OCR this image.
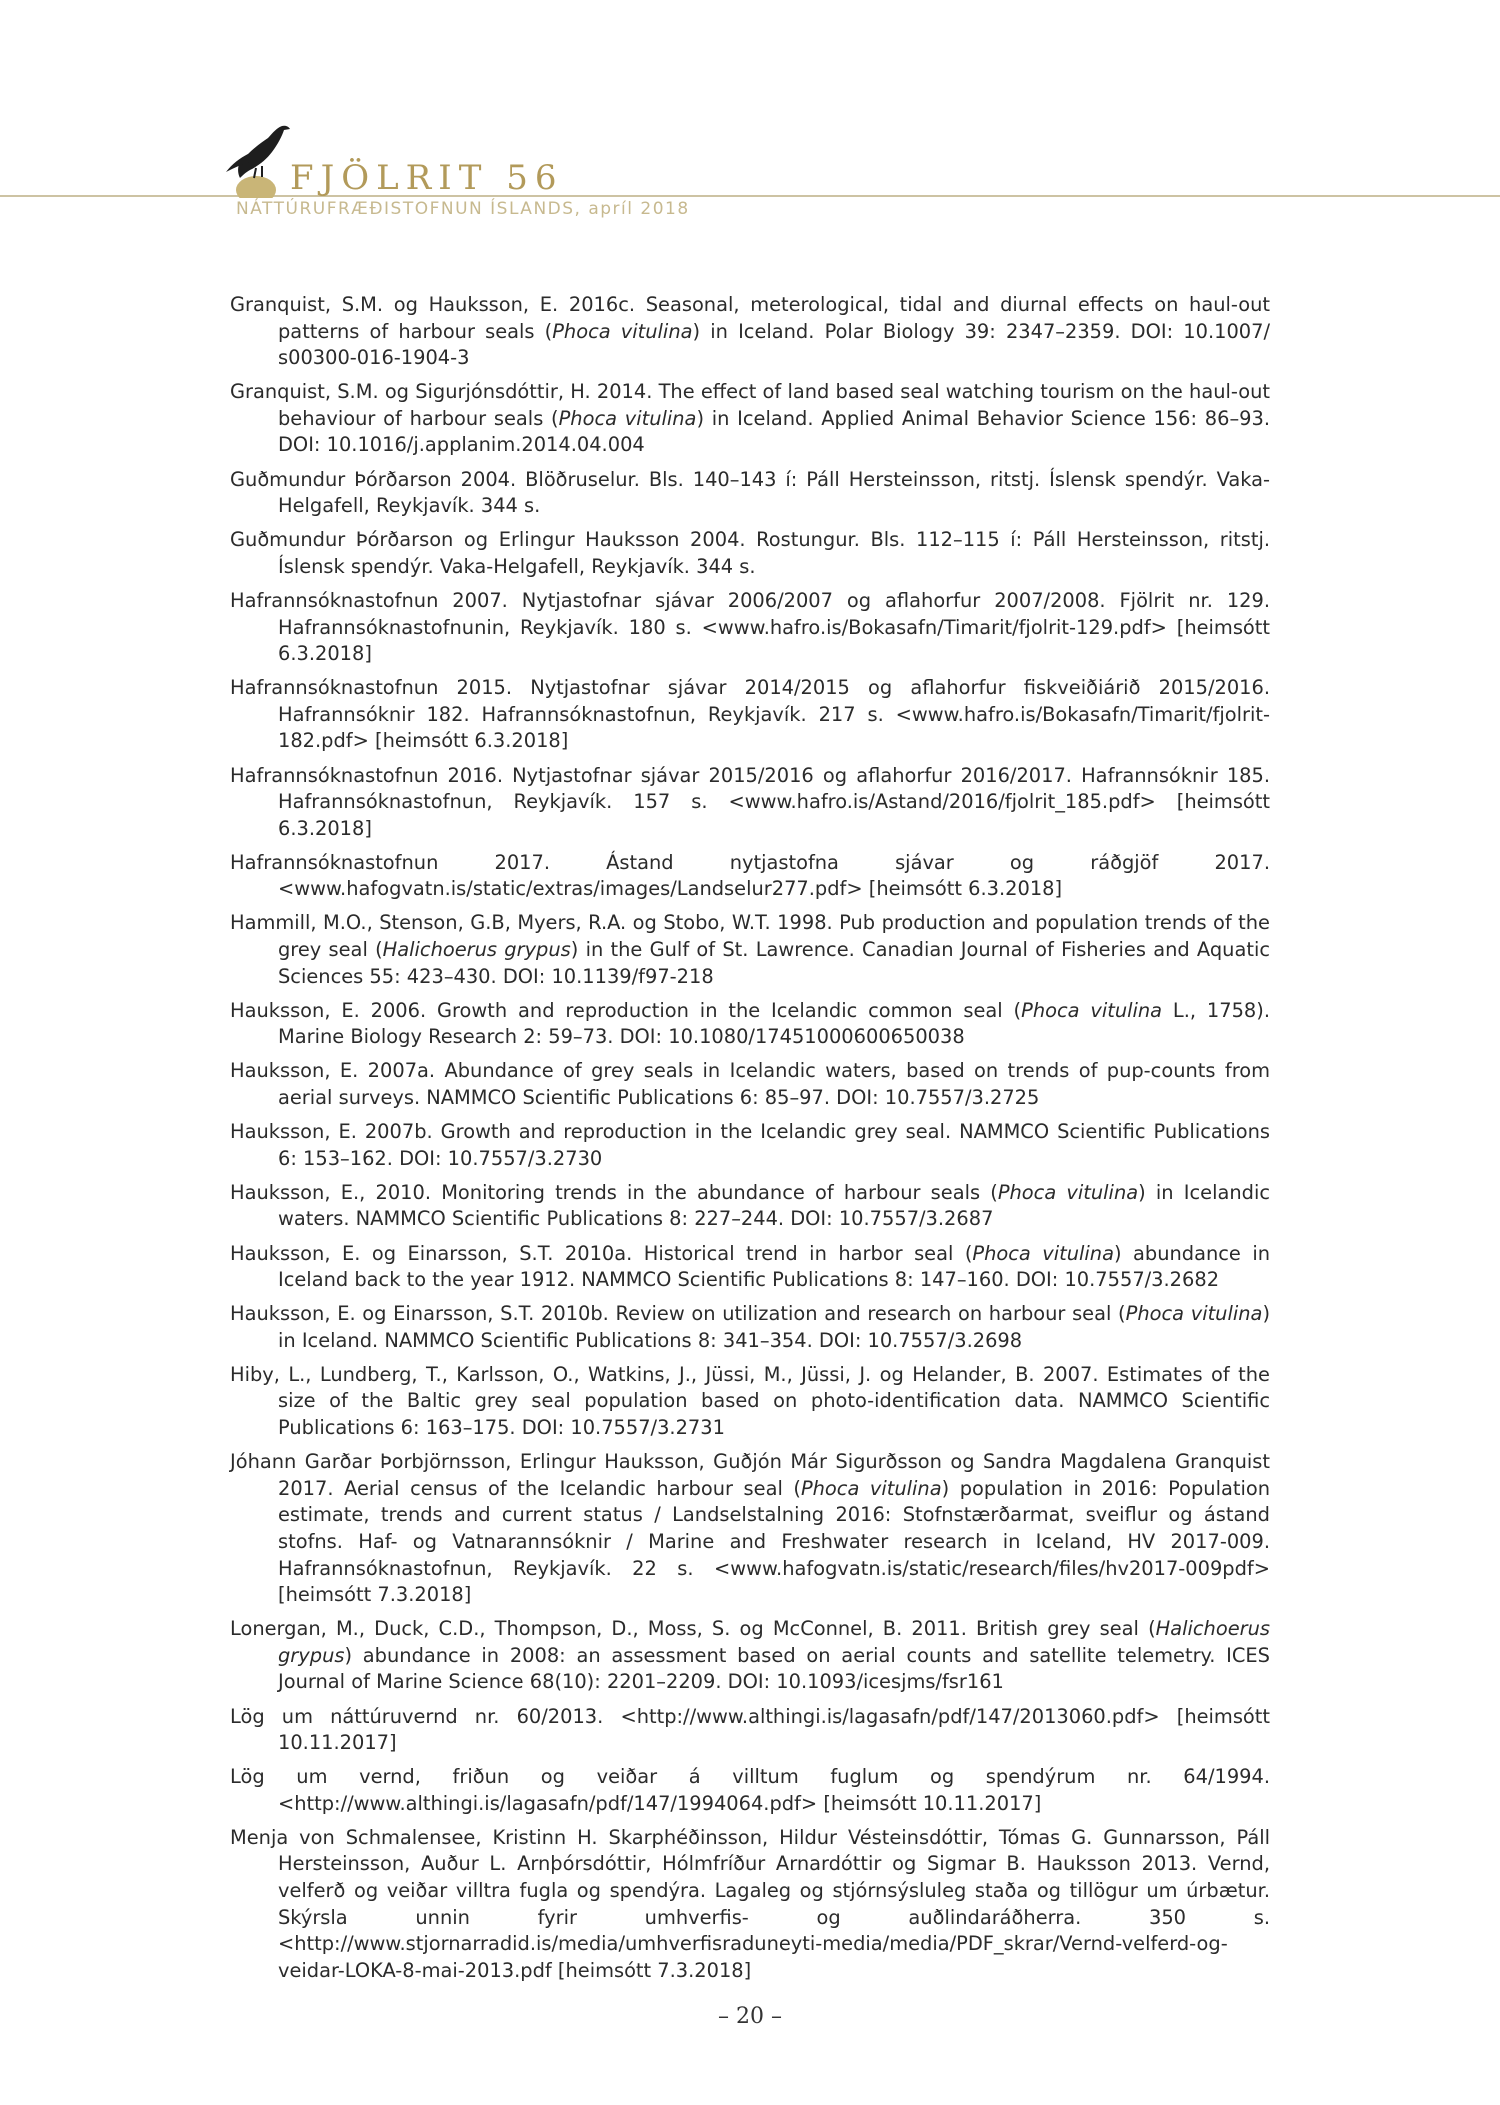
FJÖLRIT 56
NÁTTÚRUFRÆÐISTOFNUN ÍSLANDS, apríl 2018

Granquist, S.M. og Hauksson, E. 2016c. Seasonal, meterological, tidal and diurnal effects on haul-out patterns of harbour seals (Phoca vitulina) in Iceland. Polar Biology 39: 2347–2359. DOI: 10.1007/ s00300-016-1904-3

Granquist, S.M. og Sigurjónsdóttir, H. 2014. The effect of land based seal watching tourism on the haul-out behaviour of harbour seals (Phoca vitulina) in Iceland. Applied Animal Behavior Science 156: 86–93. DOI: 10.1016/j.applanim.2014.04.004

Guðmundur Þórðarson 2004. Blöðruselur. Bls. 140–143 í: Páll Hersteinsson, ritstj. Íslensk spendýr. Vaka-Helgafell, Reykjavík. 344 s.

Guðmundur Þórðarson og Erlingur Hauksson 2004. Rostungur. Bls. 112–115 í: Páll Hersteinsson, ritstj. Íslensk spendýr. Vaka-Helgafell, Reykjavík. 344 s.

Hafrannsóknastofnun 2007. Nytjastofnar sjávar 2006/2007 og aflahorfur 2007/2008. Fjölrit nr. 129. Hafrannsóknastofnunin, Reykjavík. 180 s. <www.hafro.is/Bokasafn/Timarit/fjolrit-129.pdf> [heimsótt 6.3.2018]

Hafrannsóknastofnun 2015. Nytjastofnar sjávar 2014/2015 og aflahorfur fiskveiðiárið 2015/2016. Hafrannsóknir 182. Hafrannsóknastofnun, Reykjavík. 217 s. <www.hafro.is/Bokasafn/Timarit/fjolrit-182.pdf> [heimsótt 6.3.2018]

Hafrannsóknastofnun 2016. Nytjastofnar sjávar 2015/2016 og aflahorfur 2016/2017. Hafrannsóknir 185. Hafrannsóknastofnun, Reykjavík. 157 s. <www.hafro.is/Astand/2016/fjolrit_185.pdf> [heimsótt 6.3.2018]

Hafrannsóknastofnun 2017. Ástand nytjastofna sjávar og ráðgjöf 2017. <www.hafogvatn.is/static/extras/images/Landselur277.pdf> [heimsótt 6.3.2018]

Hammill, M.O., Stenson, G.B, Myers, R.A. og Stobo, W.T. 1998. Pub production and population trends of the grey seal (Halichoerus grypus) in the Gulf of St. Lawrence. Canadian Journal of Fisheries and Aquatic Sciences 55: 423–430. DOI: 10.1139/f97-218

Hauksson, E. 2006. Growth and reproduction in the Icelandic common seal (Phoca vitulina L., 1758). Marine Biology Research 2: 59–73. DOI: 10.1080/17451000600650038

Hauksson, E. 2007a. Abundance of grey seals in Icelandic waters, based on trends of pup-counts from aerial surveys. NAMMCO Scientific Publications 6: 85–97. DOI: 10.7557/3.2725

Hauksson, E. 2007b. Growth and reproduction in the Icelandic grey seal. NAMMCO Scientific Publications 6: 153–162. DOI: 10.7557/3.2730

Hauksson, E., 2010. Monitoring trends in the abundance of harbour seals (Phoca vitulina) in Icelandic waters. NAMMCO Scientific Publications 8: 227–244. DOI: 10.7557/3.2687

Hauksson, E. og Einarsson, S.T. 2010a. Historical trend in harbor seal (Phoca vitulina) abundance in Iceland back to the year 1912. NAMMCO Scientific Publications 8: 147–160. DOI: 10.7557/3.2682

Hauksson, E. og Einarsson, S.T. 2010b. Review on utilization and research on harbour seal (Phoca vitulina) in Iceland. NAMMCO Scientific Publications 8: 341–354. DOI: 10.7557/3.2698

Hiby, L., Lundberg, T., Karlsson, O., Watkins, J., Jüssi, M., Jüssi, J. og Helander, B. 2007. Estimates of the size of the Baltic grey seal population based on photo-identification data. NAMMCO Scientific Publications 6: 163–175. DOI: 10.7557/3.2731

Jóhann Garðar Þorbjörnsson, Erlingur Hauksson, Guðjón Már Sigurðsson og Sandra Magdalena Granquist 2017. Aerial census of the Icelandic harbour seal (Phoca vitulina) population in 2016: Population estimate, trends and current status / Landselstalning 2016: Stofnstærðarmat, sveiflur og ástand stofns. Haf- og Vatnarannsóknir / Marine and Freshwater research in Iceland, HV 2017-009. Hafrannsóknastofnun, Reykjavík. 22 s. <www.hafogvatn.is/static/research/files/hv2017-009pdf> [heimsótt 7.3.2018]

Lonergan, M., Duck, C.D., Thompson, D., Moss, S. og McConnel, B. 2011. British grey seal (Halichoerus grypus) abundance in 2008: an assessment based on aerial counts and satellite telemetry. ICES Journal of Marine Science 68(10): 2201–2209. DOI: 10.1093/icesjms/fsr161

Lög um náttúruvernd nr. 60/2013. <http://www.althingi.is/lagasafn/pdf/147/2013060.pdf> [heimsótt 10.11.2017]

Lög um vernd, friðun og veiðar á villtum fuglum og spendýrum nr. 64/1994. <http://www.althingi.is/lagasafn/pdf/147/1994064.pdf> [heimsótt 10.11.2017]

Menja von Schmalensee, Kristinn H. Skarphéðinsson, Hildur Vésteinsdóttir, Tómas G. Gunnarsson, Páll Hersteinsson, Auður L. Arnþórsdóttir, Hólmfríður Arnardóttir og Sigmar B. Hauksson 2013. Vernd, velferð og veiðar villtra fugla og spendýra. Lagaleg og stjórnsýsluleg staða og tillögur um úrbætur. Skýrsla unnin fyrir umhverfis- og auðlindaráðherra. 350 s. <http://www.stjornarradid.is/media/umhverfisraduneyti-media/media/PDF_skrar/Vernd-velferd-og-veidar-LOKA-8-mai-2013.pdf [heimsótt 7.3.2018]

– 20 –
